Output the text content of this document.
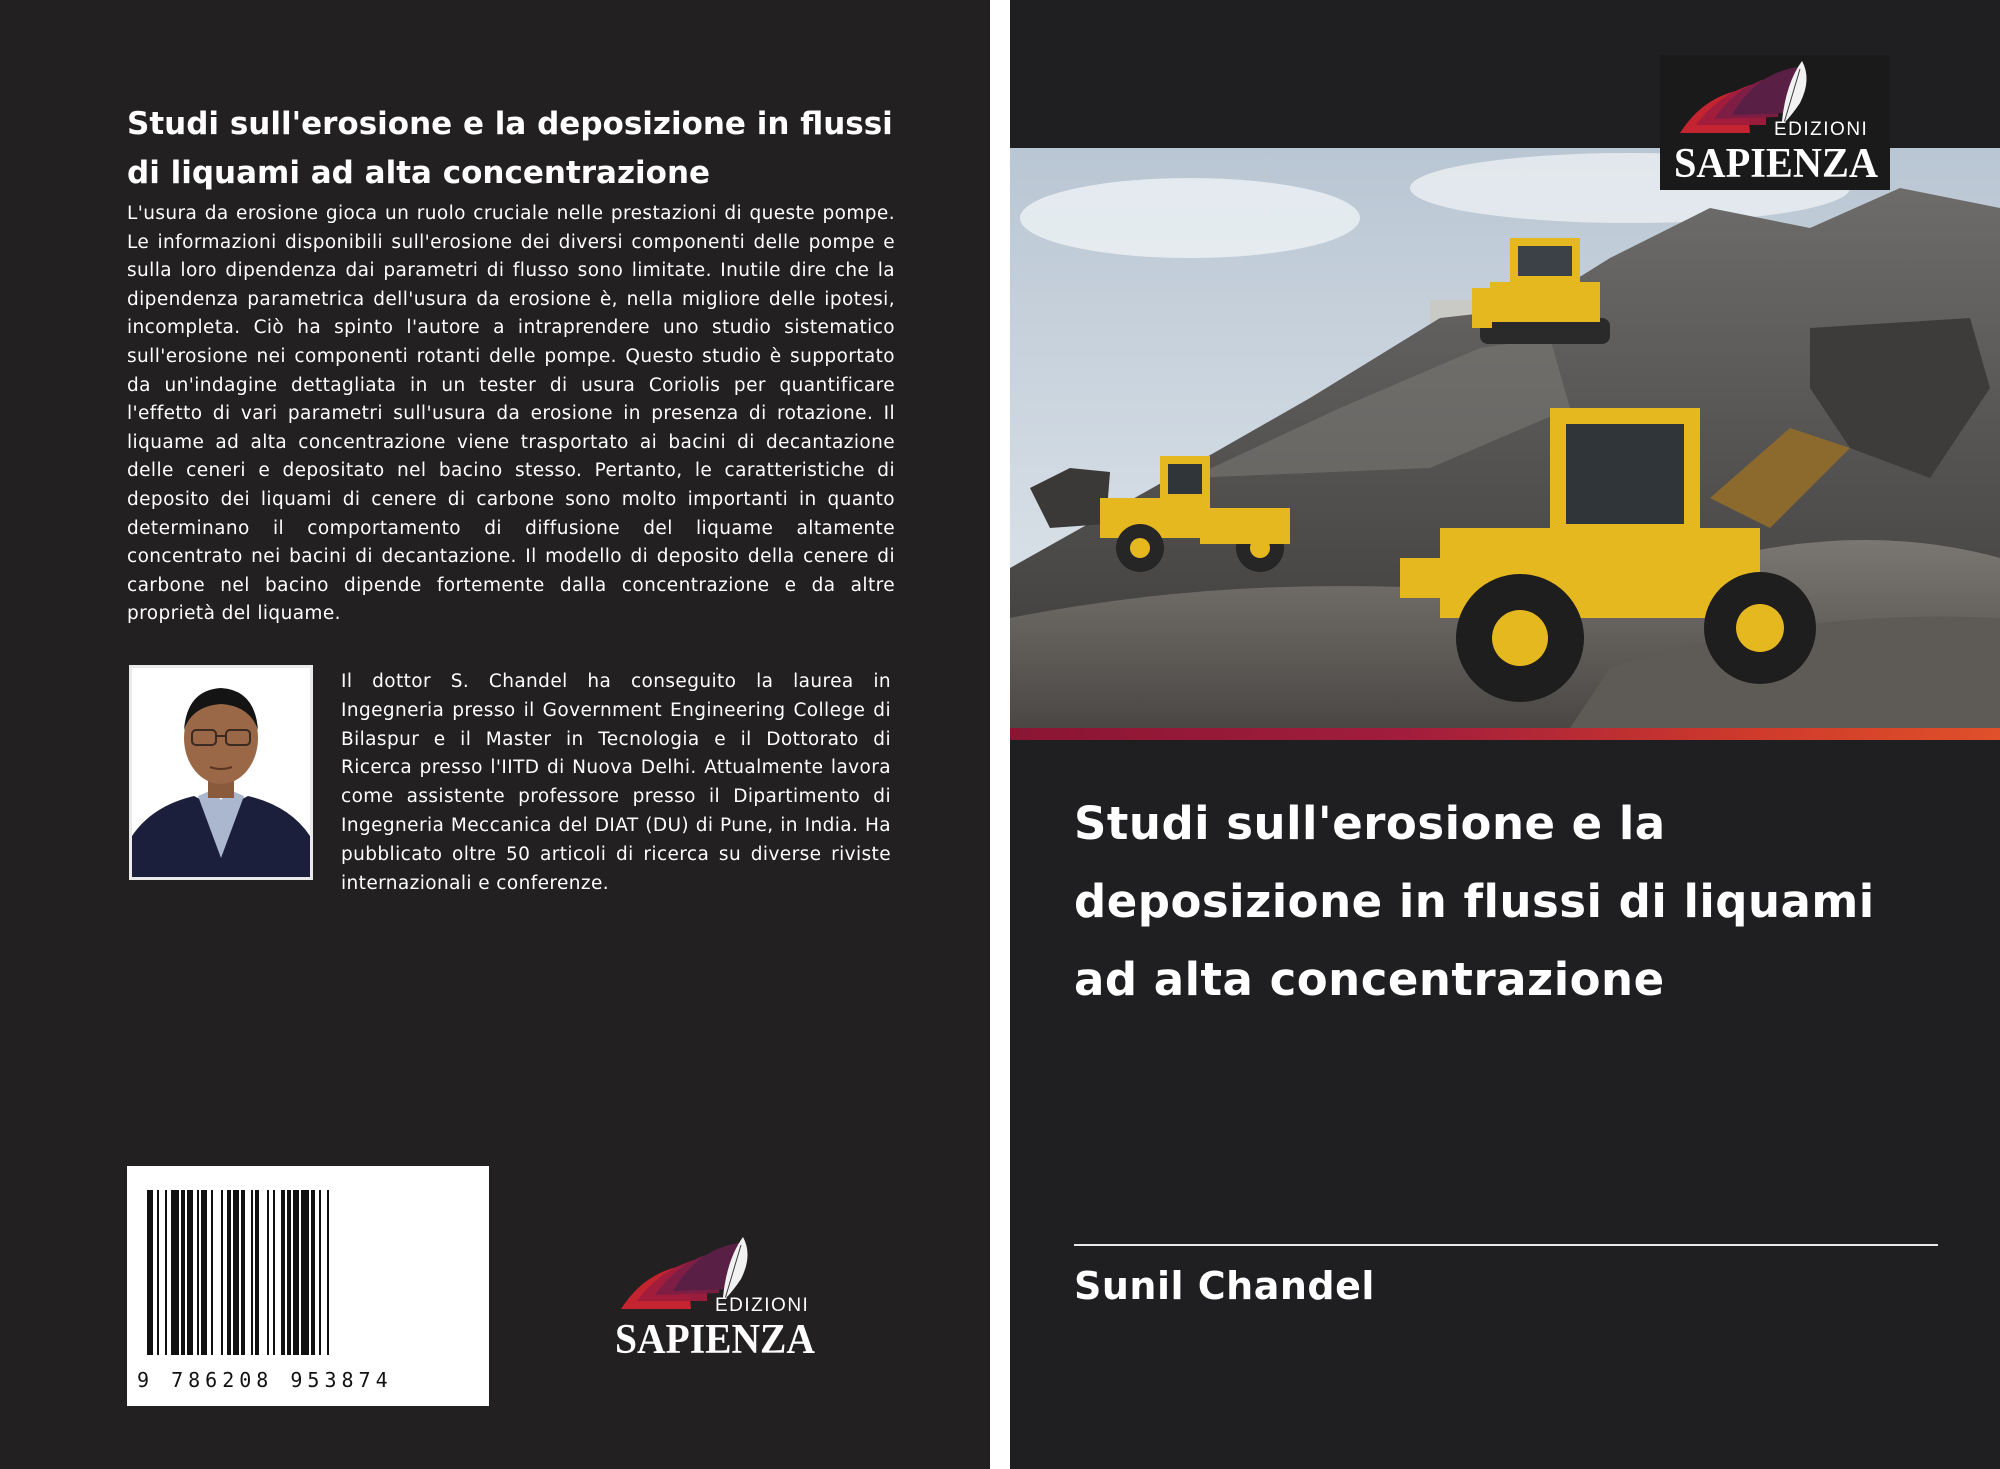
Studi sull'erosione e la deposizione in flussi di liquami ad alta concentrazione

L'usura da erosione gioca un ruolo cruciale nelle prestazioni di queste pompe. Le informazioni disponibili sull'erosione dei diversi componenti delle pompe e sulla loro dipendenza dai parametri di flusso sono limitate. Inutile dire che la dipendenza parametrica dell'usura da erosione è, nella migliore delle ipotesi, incompleta. Ciò ha spinto l'autore a intraprendere uno studio sistematico sull'erosione nei componenti rotanti delle pompe. Questo studio è supportato da un'indagine dettagliata in un tester di usura Coriolis per quantificare l'effetto di vari parametri sull'usura da erosione in presenza di rotazione. Il liquame ad alta concentrazione viene trasportato ai bacini di decantazione delle ceneri e depositato nel bacino stesso. Pertanto, le caratteristiche di deposito dei liquami di cenere di carbone sono molto importanti in quanto determinano il comportamento di diffusione del liquame altamente concentrato nei bacini di decantazione. Il modello di deposito della cenere di carbone nel bacino dipende fortemente dalla concentrazione e da altre proprietà del liquame.

Il dottor S. Chandel ha conseguito la laurea in Ingegneria presso il Government Engineering College di Bilaspur e il Master in Tecnologia e il Dottorato di Ricerca presso l'IITD di Nuova Delhi. Attualmente lavora come assistente professore presso il Dipartimento di Ingegneria Meccanica del DIAT (DU) di Pune, in India. Ha pubblicato oltre 50 articoli di ricerca su diverse riviste internazionali e conferenze.

9 786208 953874
EDIZIONI
SAPIENZA
EDIZIONI
SAPIENZA
Studi sull'erosione e la deposizione in flussi di liquami ad alta concentrazione
Sunil Chandel
